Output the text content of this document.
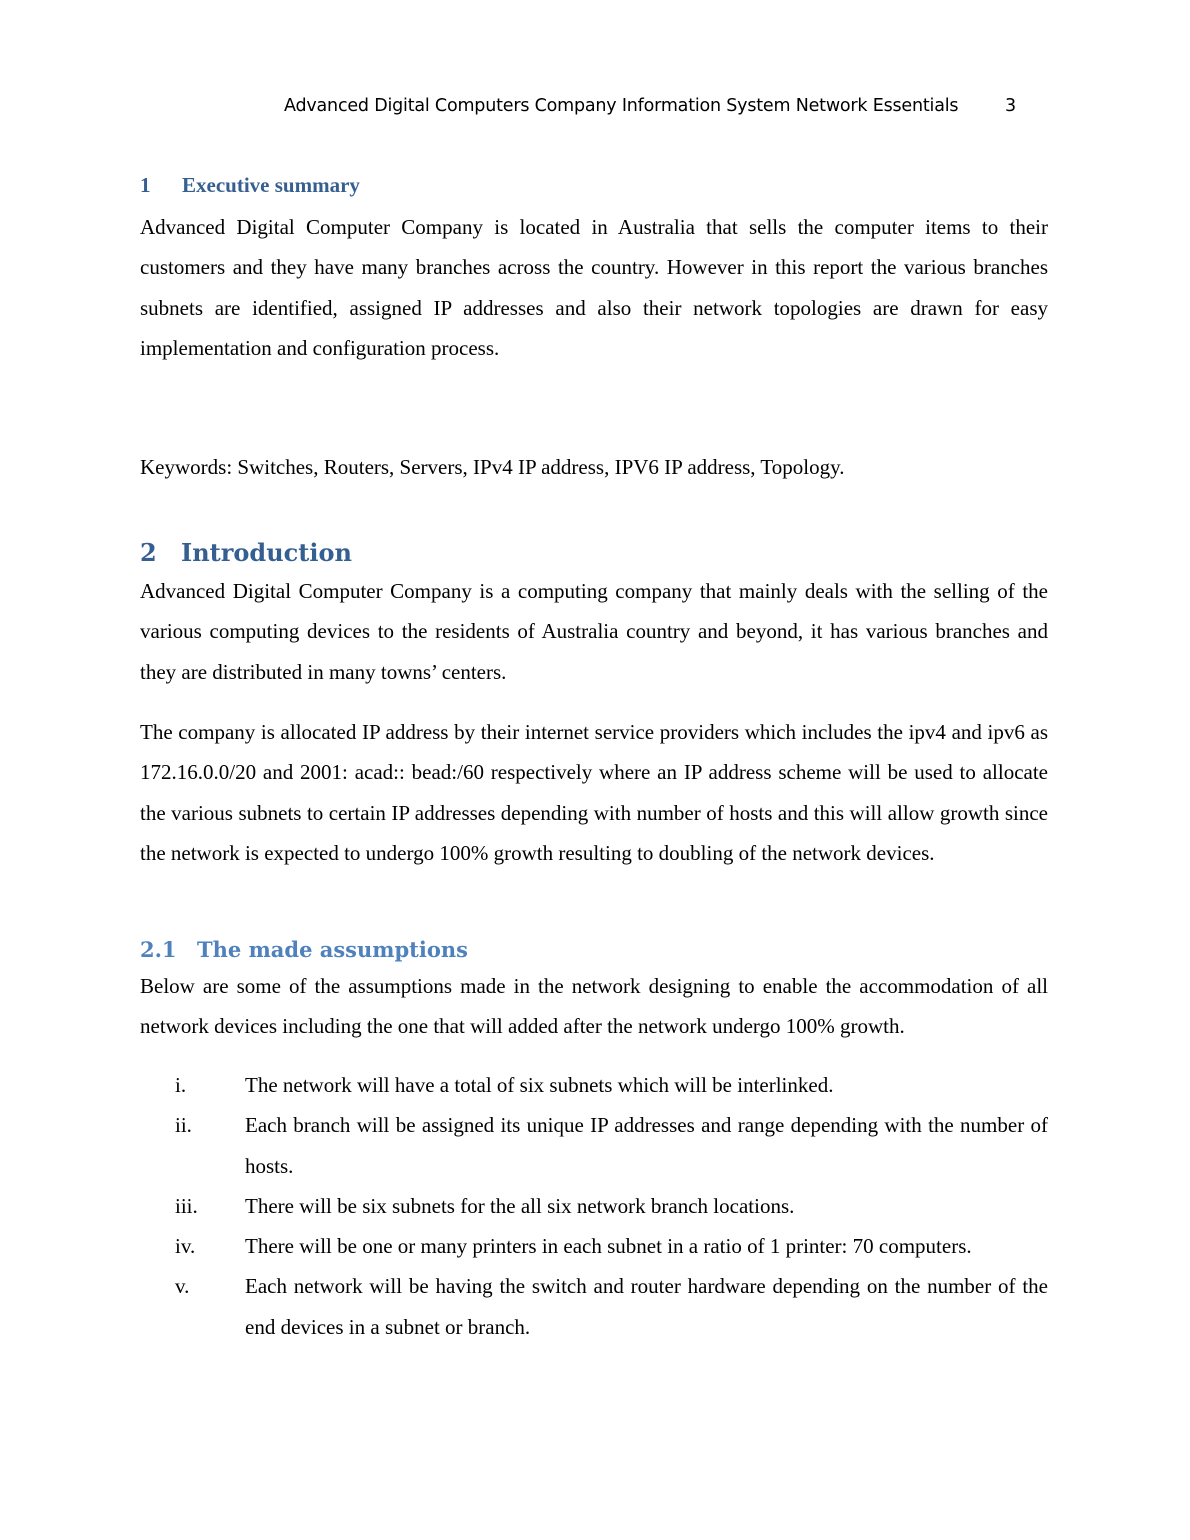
Advanced Digital Computers Company Information System Network Essentials	3
1 Executive summary

Advanced Digital Computer Company is located in Australia that sells the computer items to their customers and they have many branches across the country. However in this report the various branches subnets are identified, assigned IP addresses and also their network topologies are drawn for easy implementation and configuration process.

Keywords: Switches, Routers, Servers, IPv4 IP address, IPV6 IP address, Topology.

2 Introduction

Advanced Digital Computer Company is a computing company that mainly deals with the selling of the various computing devices to the residents of Australia country and beyond, it has various branches and they are distributed in many towns’ centers.

The company is allocated IP address by their internet service providers which includes the ipv4 and ipv6 as 172.16.0.0/20 and 2001: acad:: bead:/60 respectively where an IP address scheme will be used to allocate the various subnets to certain IP addresses depending with number of hosts and this will allow growth since the network is expected to undergo 100% growth resulting to doubling of the network devices.

2.1 The made assumptions

Below are some of the assumptions made in the network designing to enable the accommodation of all network devices including the one that will added after the network undergo 100% growth.

i.	The network will have a total of six subnets which will be interlinked.
ii.	Each branch will be assigned its unique IP addresses and range depending with the number of hosts.
iii. There will be six subnets for the all six network branch locations.
iv. There will be one or many printers in each subnet in a ratio of 1 printer: 70 computers.
v.	Each network will be having the switch and router hardware depending on the number of the end devices in a subnet or branch.
